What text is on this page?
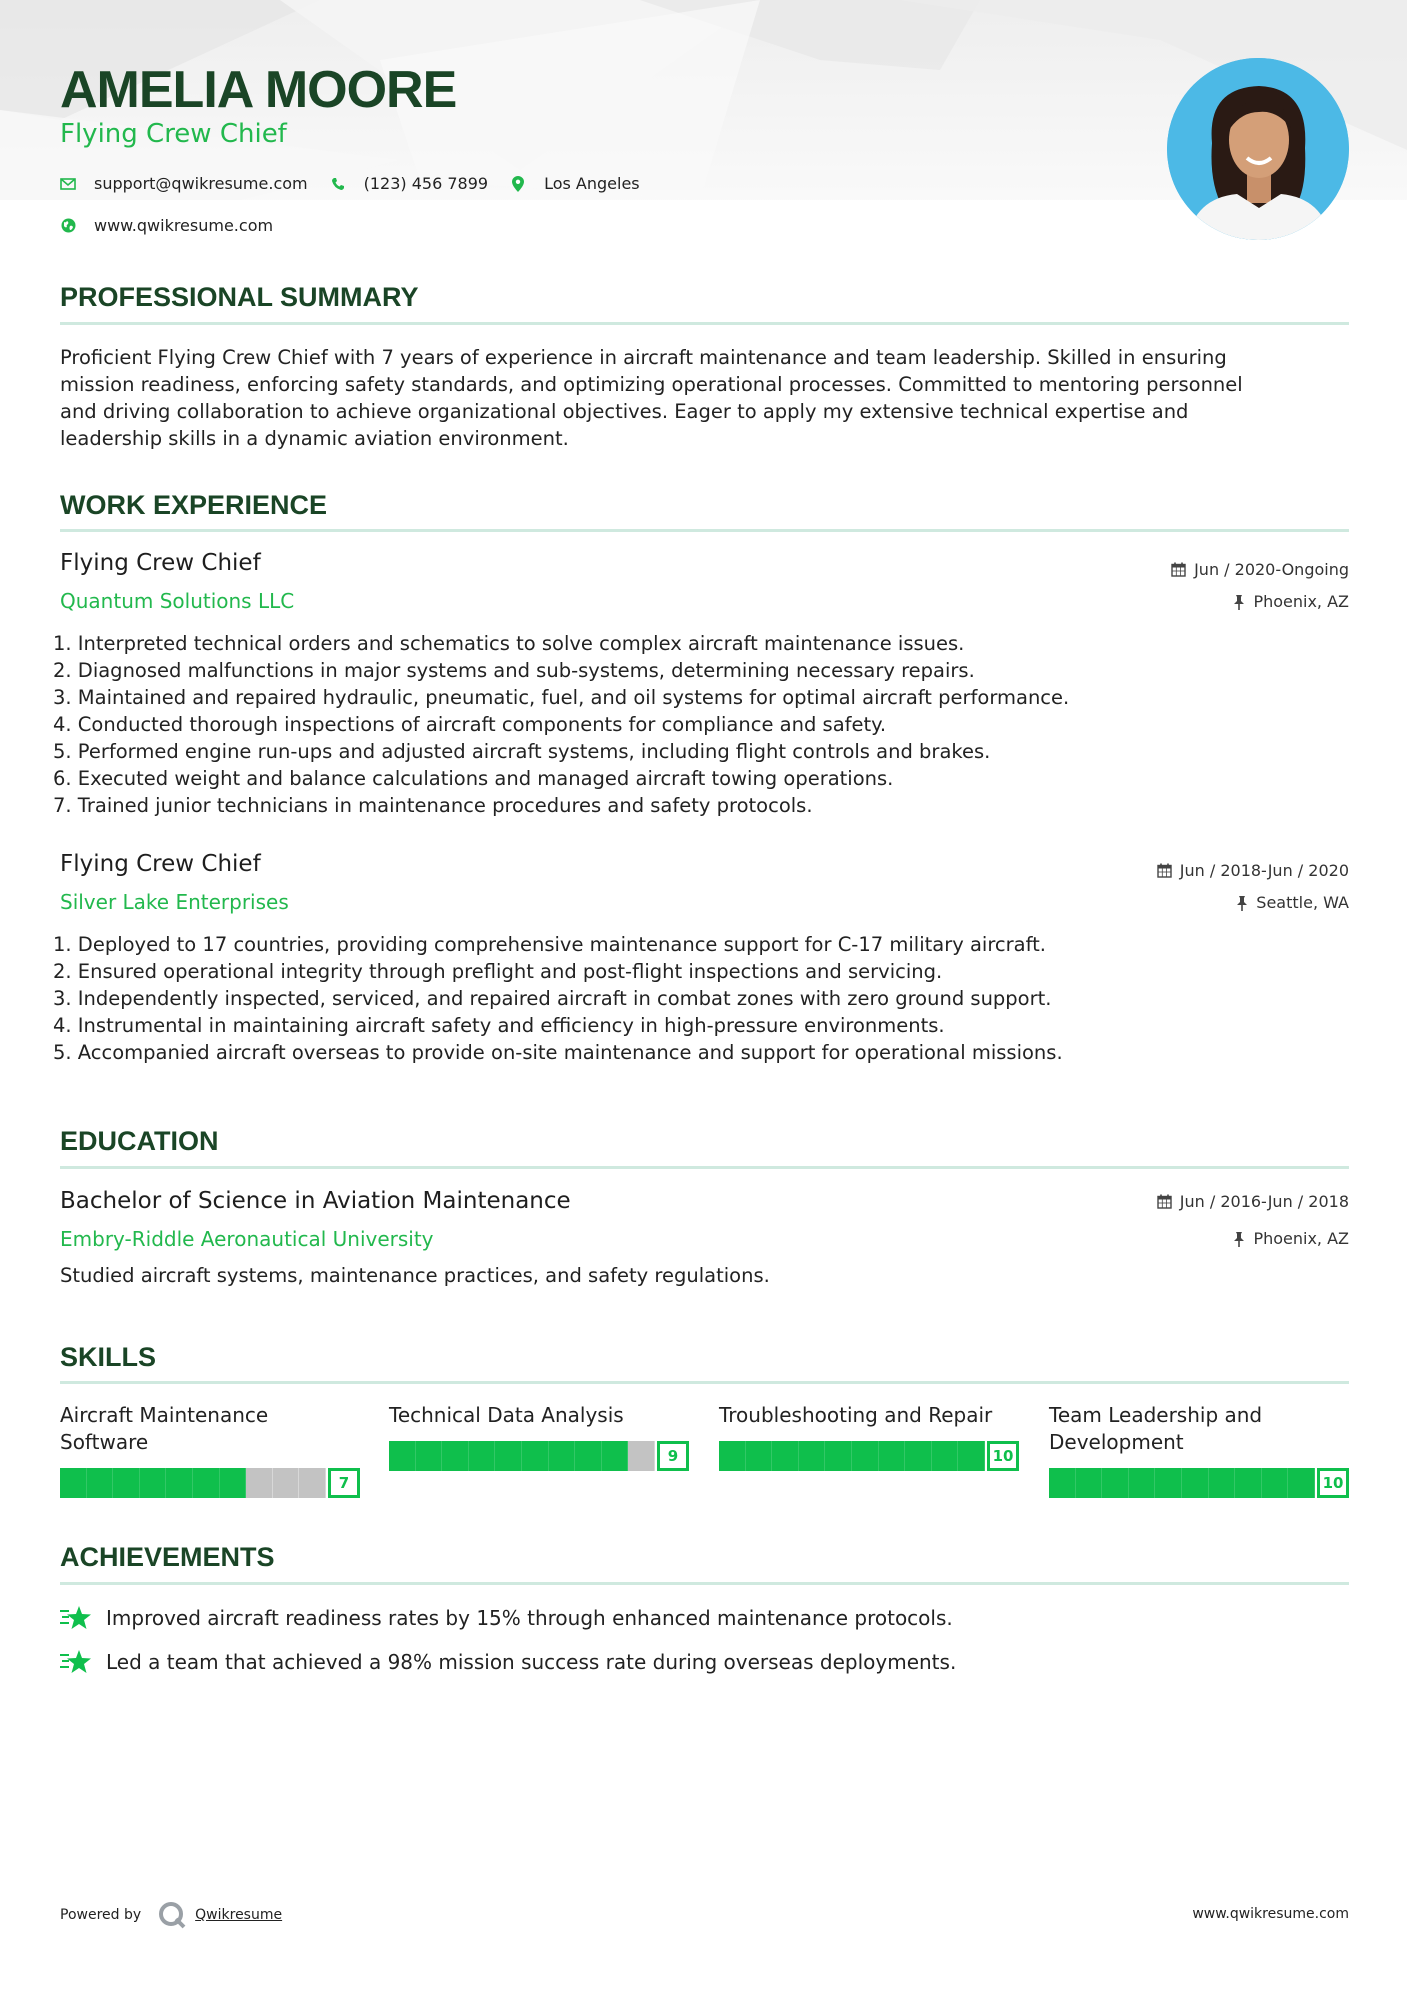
AMELIA MOORE
Flying Crew Chief
support@qwikresume.com	(123) 456 7899	Los Angeles
www.qwikresume.com
PROFESSIONAL SUMMARY
Proficient Flying Crew Chief with 7 years of experience in aircraft maintenance and team leadership. Skilled in ensuring
mission readiness, enforcing safety standards, and optimizing operational processes. Committed to mentoring personnel
and driving collaboration to achieve organizational objectives. Eager to apply my extensive technical expertise and
leadership skills in a dynamic aviation environment.
WORK EXPERIENCE
Flying Crew Chief
Quantum Solutions LLC
Jun / 2020-Ongoing
Phoenix, AZ
1. Interpreted technical orders and schematics to solve complex aircraft maintenance issues.
2. Diagnosed malfunctions in major systems and sub-systems, determining necessary repairs.
3. Maintained and repaired hydraulic, pneumatic, fuel, and oil systems for optimal aircraft performance.
4. Conducted thorough inspections of aircraft components for compliance and safety.
5. Performed engine run-ups and adjusted aircraft systems, including flight controls and brakes.
6. Executed weight and balance calculations and managed aircraft towing operations.
7. Trained junior technicians in maintenance procedures and safety protocols.
Flying Crew Chief
Silver Lake Enterprises
Jun / 2018-Jun / 2020
Seattle, WA
1. Deployed to 17 countries, providing comprehensive maintenance support for C-17 military aircraft.
2. Ensured operational integrity through preflight and post-flight inspections and servicing.
3. Independently inspected, serviced, and repaired aircraft in combat zones with zero ground support.
4. Instrumental in maintaining aircraft safety and efficiency in high-pressure environments.
5. Accompanied aircraft overseas to provide on-site maintenance and support for operational missions.
EDUCATION
Bachelor of Science in Aviation Maintenance
Embry-Riddle Aeronautical University
Jun / 2016-Jun / 2018
Phoenix, AZ
Studied aircraft systems, maintenance practices, and safety regulations.
SKILLS
Aircraft Maintenance
Software
7
Technical Data Analysis
9
Troubleshooting and Repair
10
Team Leadership and
Development
10
ACHIEVEMENTS
Improved aircraft readiness rates by 15% through enhanced maintenance protocols.
Led a team that achieved a 98% mission success rate during overseas deployments.
Powered by	Qwikresume	www.qwikresume.com
